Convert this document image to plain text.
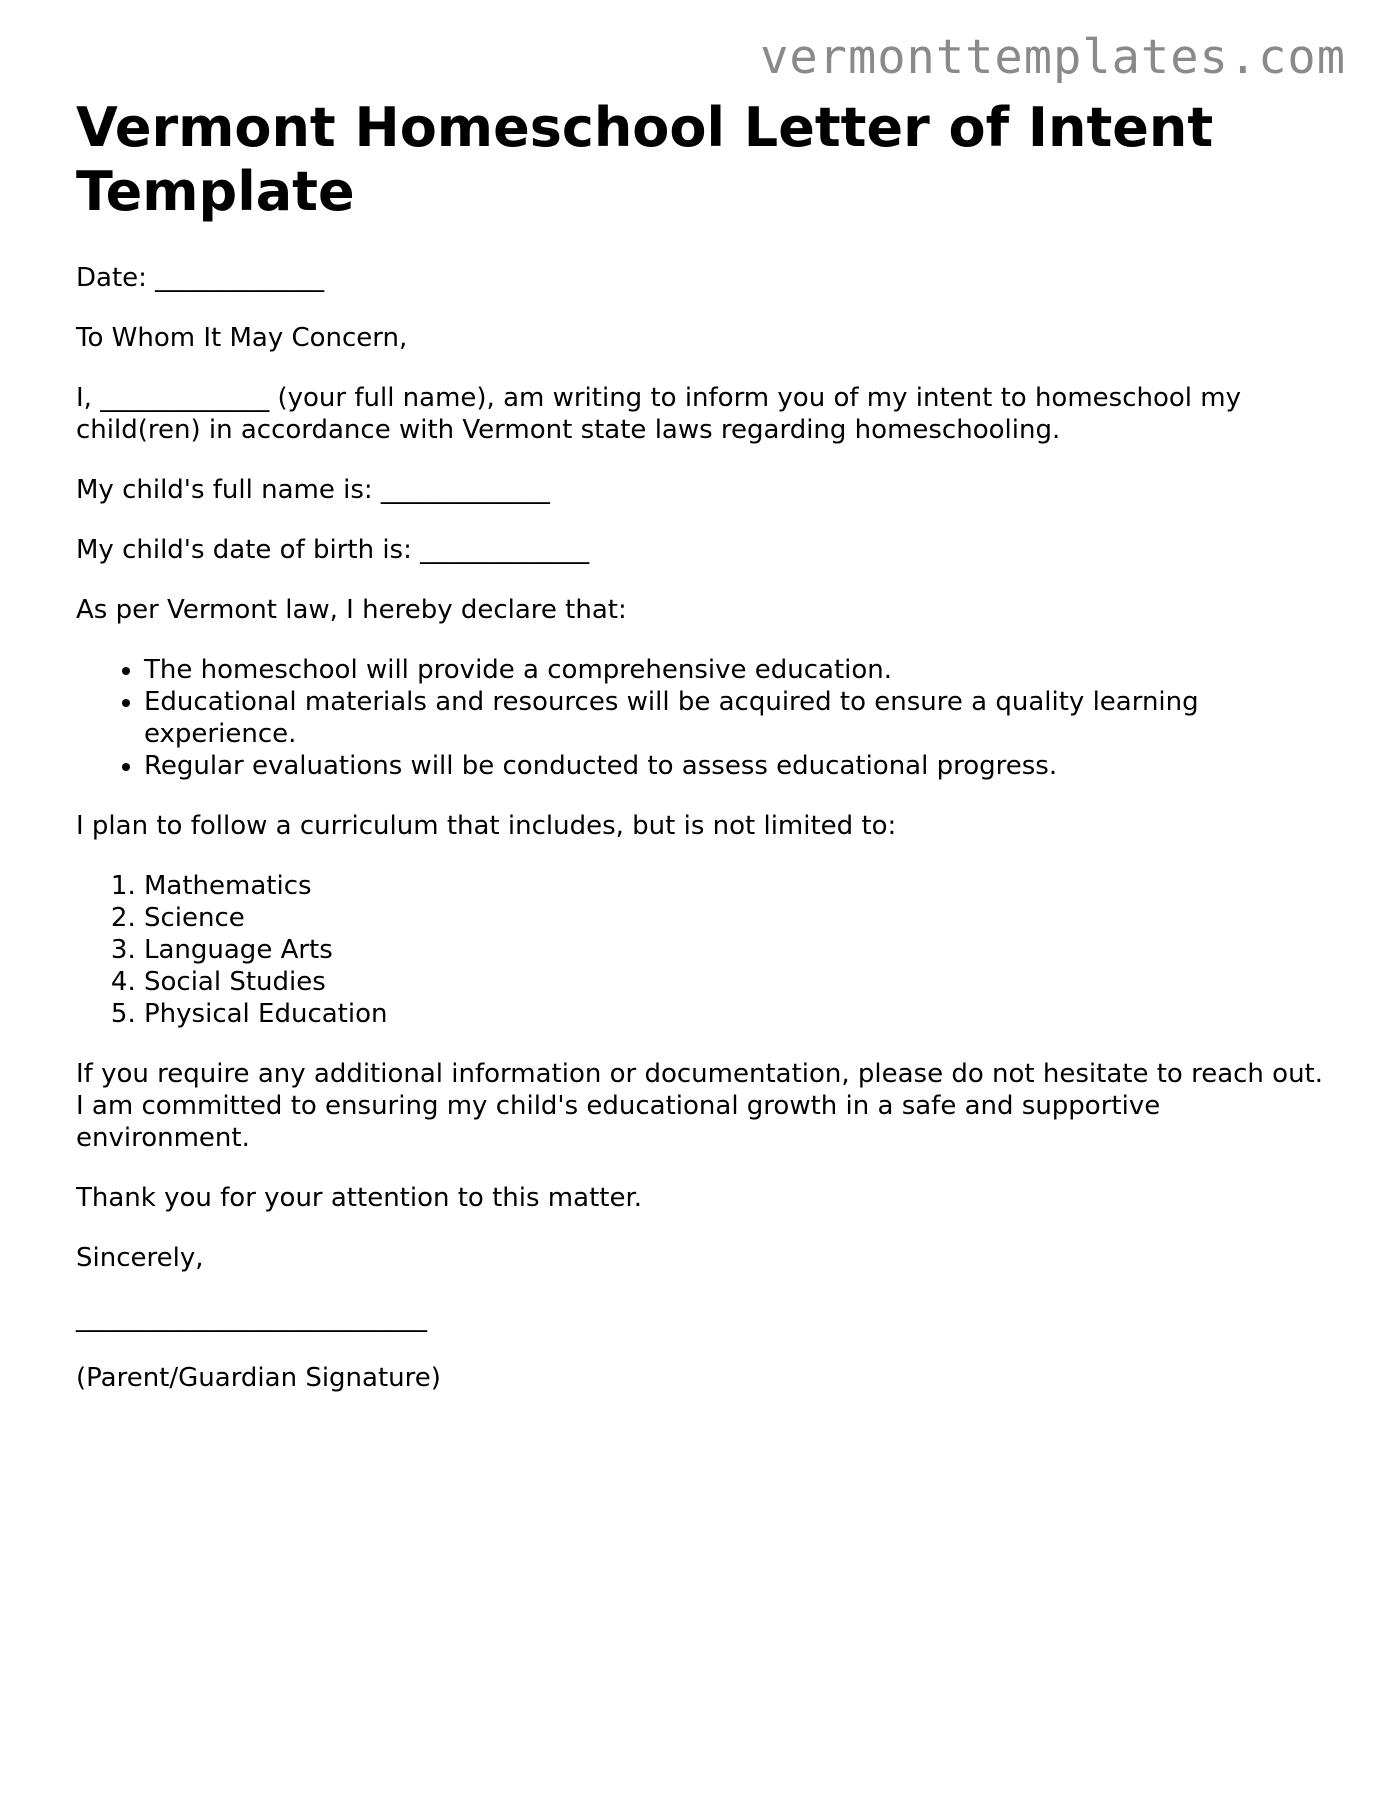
vermonttemplates.com

Vermont Homeschool Letter of Intent Template

Date: _____________

To Whom It May Concern,

I, _____________ (your full name), am writing to inform you of my intent to homeschool my child(ren) in accordance with Vermont state laws regarding homeschooling.

My child's full name is: _____________

My child's date of birth is: _____________

As per Vermont law, I hereby declare that:

• The homeschool will provide a comprehensive education.
• Educational materials and resources will be acquired to ensure a quality learning experience.
• Regular evaluations will be conducted to assess educational progress.

I plan to follow a curriculum that includes, but is not limited to:

1. Mathematics
2. Science
3. Language Arts
4. Social Studies
5. Physical Education

If you require any additional information or documentation, please do not hesitate to reach out. I am committed to ensuring my child's educational growth in a safe and supportive environment.

Thank you for your attention to this matter.

Sincerely,

___________________________

(Parent/Guardian Signature)
